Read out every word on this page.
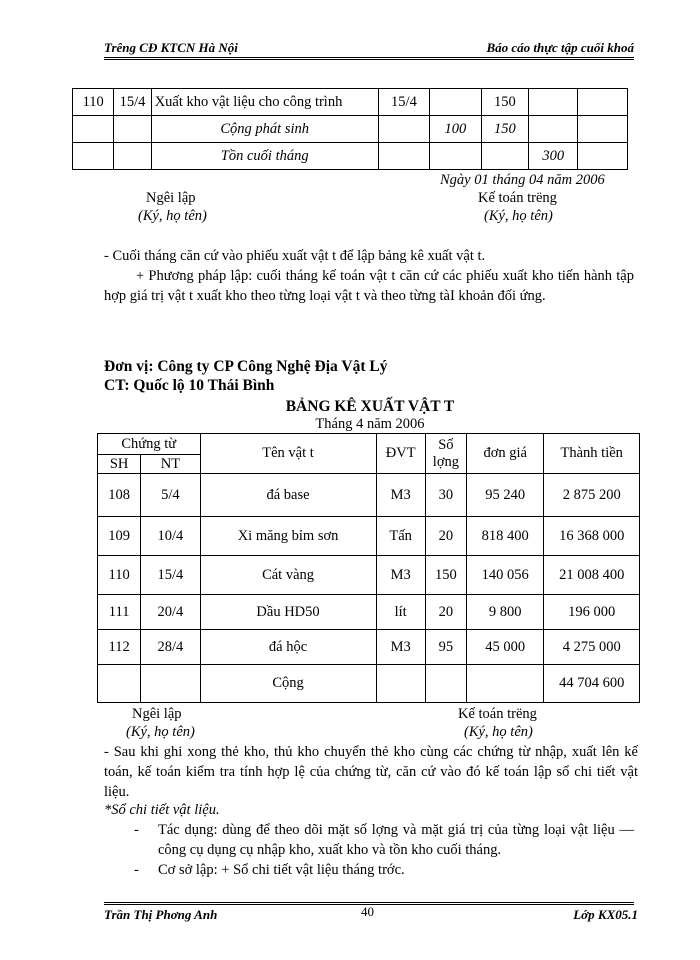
Trêng CĐ KTCN Hà Nội	Báo cáo thực tập cuối khoá
110	15/4	Xuất kho vật liệu cho công trình	15/4		150		
		Cộng phát sinh		100	150		
		Tồn cuối tháng				300	
Ngày 01 tháng 04 năm 2006
Ngêi lập
(Ký, họ tên)
Kế toán trëng
(Ký, họ tên)
- Cuối tháng căn cứ vào phiếu xuất vật t để lập bảng kê xuất vật t.
+ Phương pháp lập: cuối tháng kế toán vật t căn cứ các phiếu xuất kho tiến hành tập hợp giá trị vật t xuất kho theo từng loại vật t và theo từng tàI khoản đối ứng.
Đơn vị: Công ty CP Công Nghệ Địa Vật Lý
CT: Quốc lộ 10 Thái Bình
BẢNG KÊ XUẤT VẬT T
Tháng 4 năm 2006
Chứng từ		Tên vật t	ĐVT	Số lợng	đơn giá	Thành tiền
SH	NT					
108	5/4	đá base	M3	30	95 240	2 875 200
109	10/4	Xi măng bỉm sơn	Tấn	20	818 400	16 368 000
110	15/4	Cát vàng	M3	150	140 056	21 008 400
111	20/4	Dầu HD50	lít	20	9 800	196 000
112	28/4	đá hộc	M3	95	45 000	4 275 000
		Cộng				44 704 600
Ngêi lập
(Ký, họ tên)
Kế toán trëng
(Ký, họ tên)
- Sau khi ghi xong thẻ kho, thủ kho chuyển thẻ kho cùng các chứng từ nhập, xuất lên kế toán, kế toán kiểm tra tính hợp lệ của chứng từ, căn cứ vào đó kế toán lập sổ chi tiết vật liệu.
*Sổ chi tiết vật liệu.
-	Tác dụng: dùng để theo dõi mặt số lợng và mặt giá trị của từng loại vật liệu — công cụ dụng cụ nhập kho, xuất kho và tồn kho cuối tháng.
-	Cơ sở lập: + Sổ chi tiết vật liệu tháng trớc.
Trần Thị Phơng Anh	40	Lớp KX05.1
